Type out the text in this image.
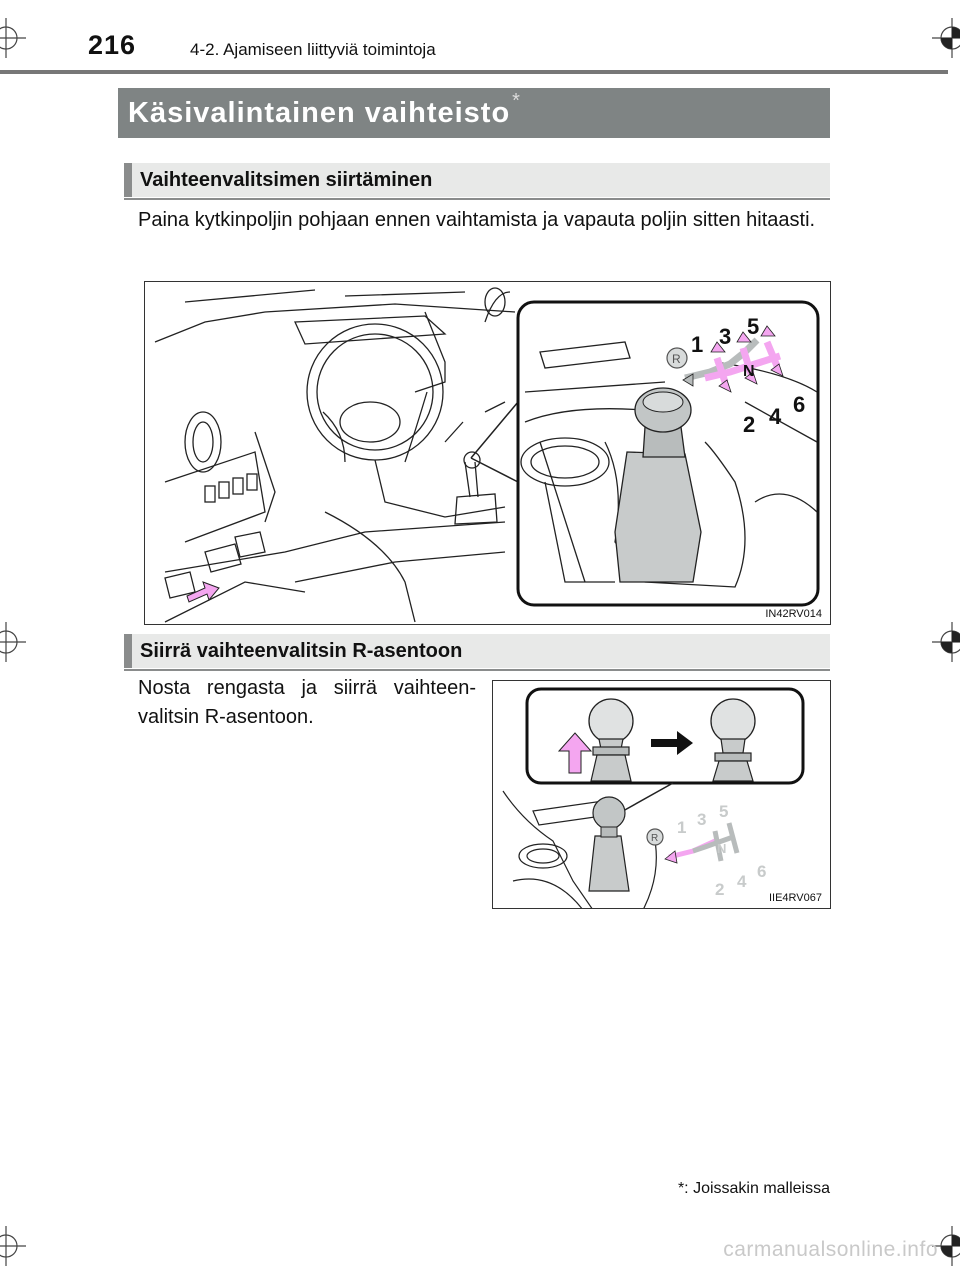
216	4-2. Ajamiseen liittyviä toimintoja
Käsivalintainen vaihteisto *
Vaihteenvalitsimen siirtäminen
Paina kytkinpoljin pohjaan ennen vaihtamista ja vapauta poljin sitten hitaasti.
R
1 3 5
N
2 4 6
IN42RV014
Siirrä vaihteenvalitsin R-asentoon
Nosta rengasta ja siirrä vaihteen-valitsin R-asentoon.
R
1 3 5
N
2 4
6
IIE4RV067
*: Joissakin malleissa
carmanualsonline.info
